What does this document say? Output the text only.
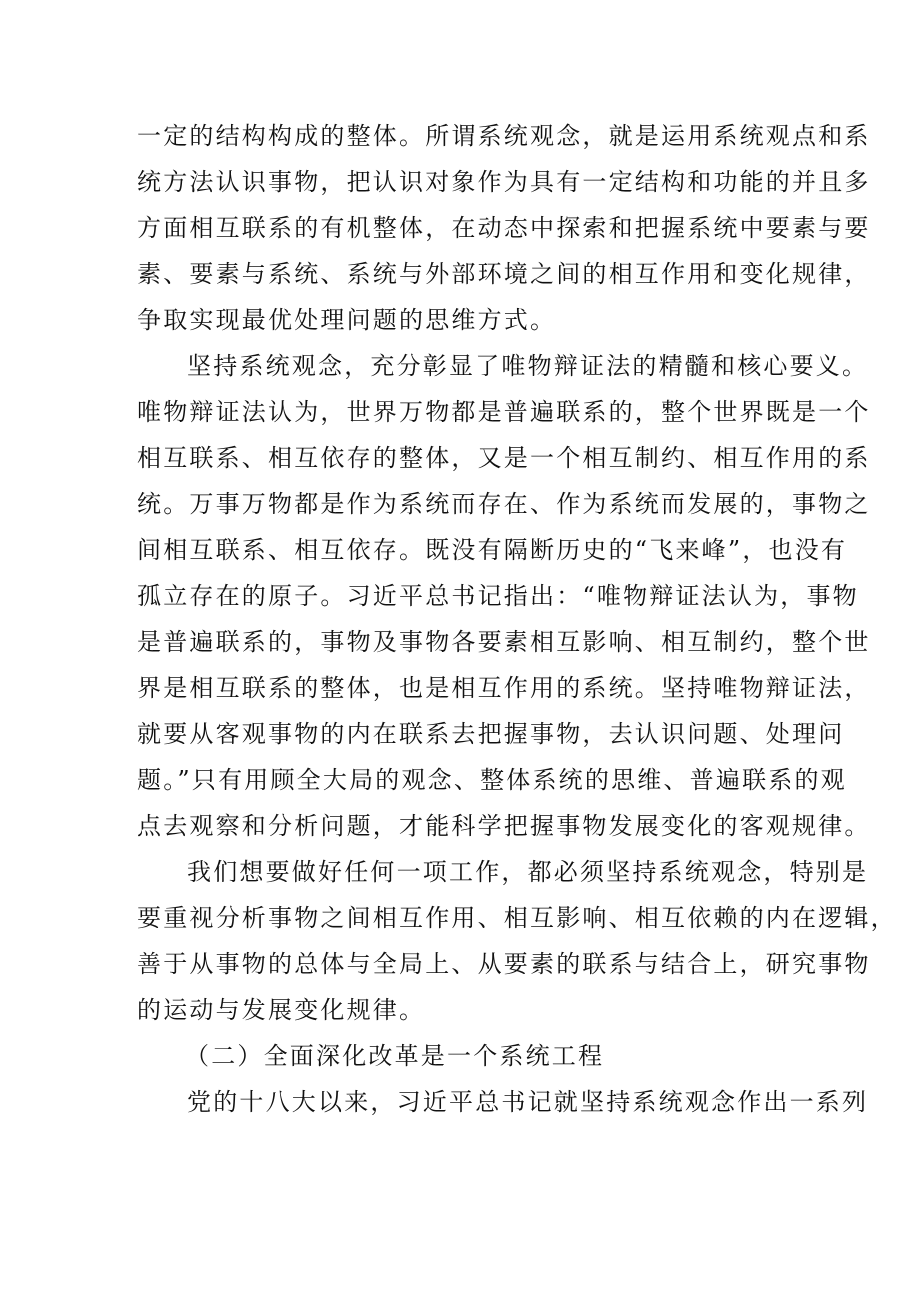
一定的结构构成的整体。所谓系统观念，就是运用系统观点和系
统方法认识事物，把认识对象作为具有一定结构和功能的并且多
方面相互联系的有机整体，在动态中探索和把握系统中要素与要
素、要素与系统、系统与外部环境之间的相互作用和变化规律，
争取实现最优处理问题的思维方式。

坚持系统观念，充分彰显了唯物辩证法的精髓和核心要义。
唯物辩证法认为，世界万物都是普遍联系的，整个世界既是一个
相互联系、相互依存的整体，又是一个相互制约、相互作用的系
统。万事万物都是作为系统而存在、作为系统而发展的，事物之
间相互联系、相互依存。既没有隔断历史的“飞来峰”，也没有
孤立存在的原子。习近平总书记指出：“唯物辩证法认为，事物
是普遍联系的，事物及事物各要素相互影响、相互制约，整个世
界是相互联系的整体，也是相互作用的系统。坚持唯物辩证法，
就要从客观事物的内在联系去把握事物，去认识问题、处理问
题。”只有用顾全大局的观念、整体系统的思维、普遍联系的观
点去观察和分析问题，才能科学把握事物发展变化的客观规律。

我们想要做好任何一项工作，都必须坚持系统观念，特别是
要重视分析事物之间相互作用、相互影响、相互依赖的内在逻辑，
善于从事物的总体与全局上、从要素的联系与结合上，研究事物
的运动与发展变化规律。

（二）全面深化改革是一个系统工程

党的十八大以来，习近平总书记就坚持系统观念作出一系列
